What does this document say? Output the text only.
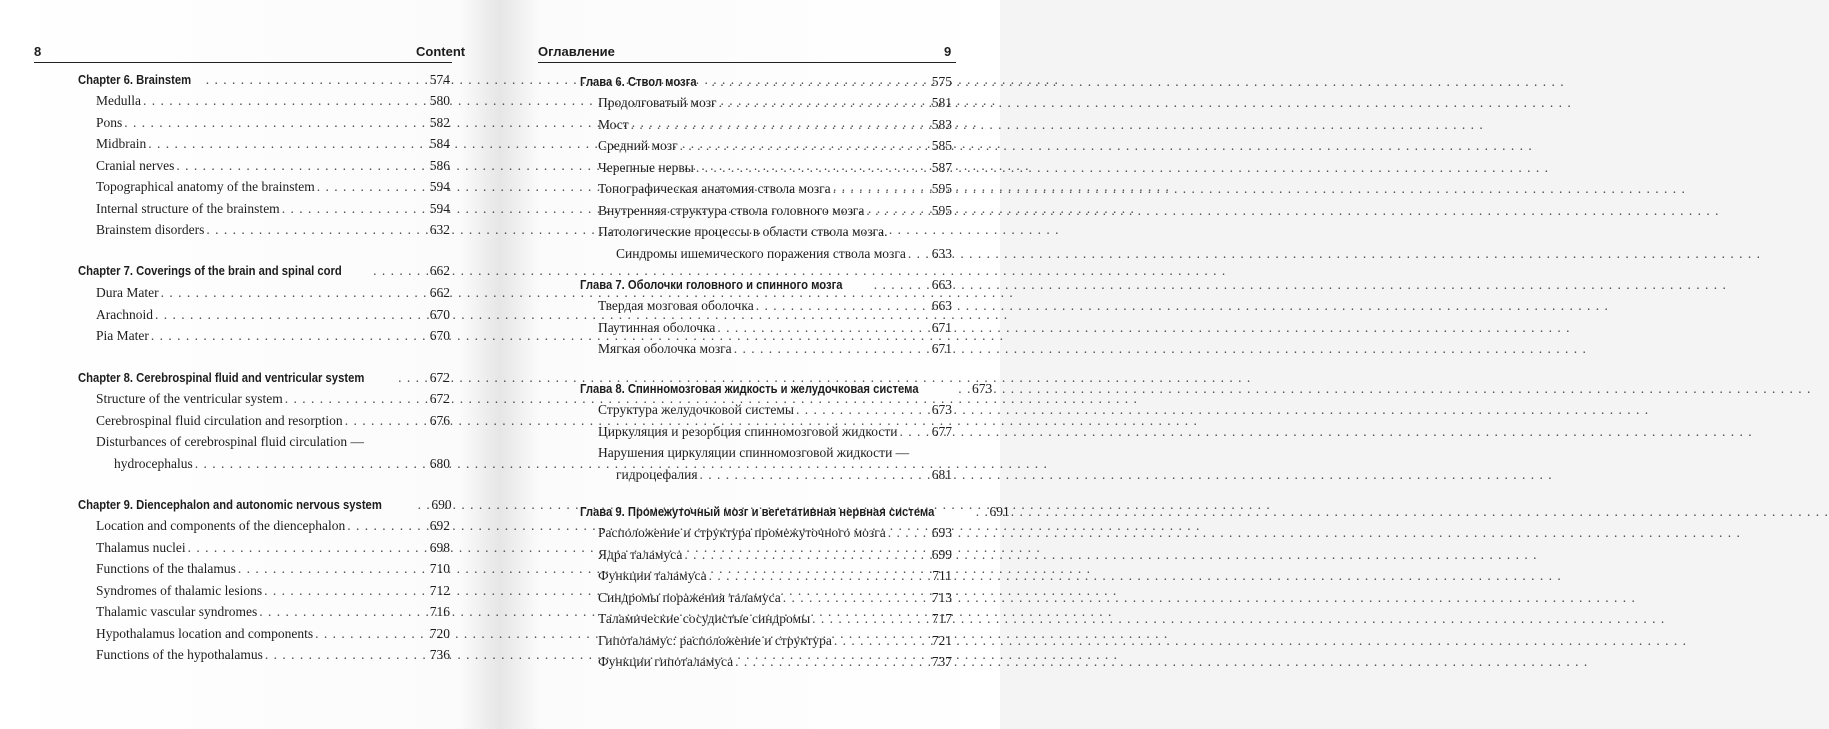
8	Content
Chapter 6. Brainstem . . .	574
Medulla . . .	580
Pons . . .	582
Midbrain . . .	584
Cranial nerves . . .	586
Topographical anatomy of the brainstem . . .	594
Internal structure of the brainstem . . .	594
Brainstem disorders . . .	632
Chapter 7. Coverings of the brain and spinal cord . . .	662
Dura Mater . . .	662
Arachnoid . . .	670
Pia Mater . . .	670
Chapter 8. Cerebrospinal fluid and ventricular system . . .	672
Structure of the ventricular system . . .	672
Cerebrospinal fluid circulation and resorption . . .	676
Disturbances of cerebrospinal fluid circulation —
hydrocephalus . . .	680
Chapter 9. Diencephalon and autonomic nervous system . . .	690
Location and components of the diencephalon . . .	692
Thalamus nuclei . . .	698
Functions of the thalamus . . .	710
Syndromes of thalamic lesions . . .	712
Thalamic vascular syndromes . . .	716
Hypothalamus location and components . . .	720
Functions of the hypothalamus . . .	736
Оглавление	9
Глава 6. Ствол мозга . . .	575
Продолговатый мозг . . .	581
Мост . . .	583
Средний мозг . . .	585
Черепные нервы . . .	587
Топографическая анатомия ствола мозга . . .	595
Внутренняя структура ствола головного мозга . . .	595
Патологические процессы в области ствола мозга.
Синдромы ишемического поражения ствола мозга . . . 633
Глава 7. Оболочки головного и спинного мозга . . .	663
Твердая мозговая оболочка . . .	663
Паутинная оболочка . . .	671
Мягкая оболочка мозга . . .	671
Глава 8. Спинномозговая жидкость и желудочковая система . . .	673
Структура желудочковой системы . . .	673
Циркуляция и резорбция спинномозговой жидкости . . .	677
Нарушения циркуляции спинномозговой жидкости —
гидроцефалия . . .	681
Глава 9. Промежуточный мозг и вегетативная нервная система . . .	691
Расположение и структура промежуточного мозга . . .	693
Ядра таламуса . . .	699
Функции таламуса . . .	711
Синдромы поражения таламуса . . .	713
Таламические сосудистые синдромы . . .	717
Гипоталамус: расположение и структура . . .	721
Функции гипоталамуса . . .	737
